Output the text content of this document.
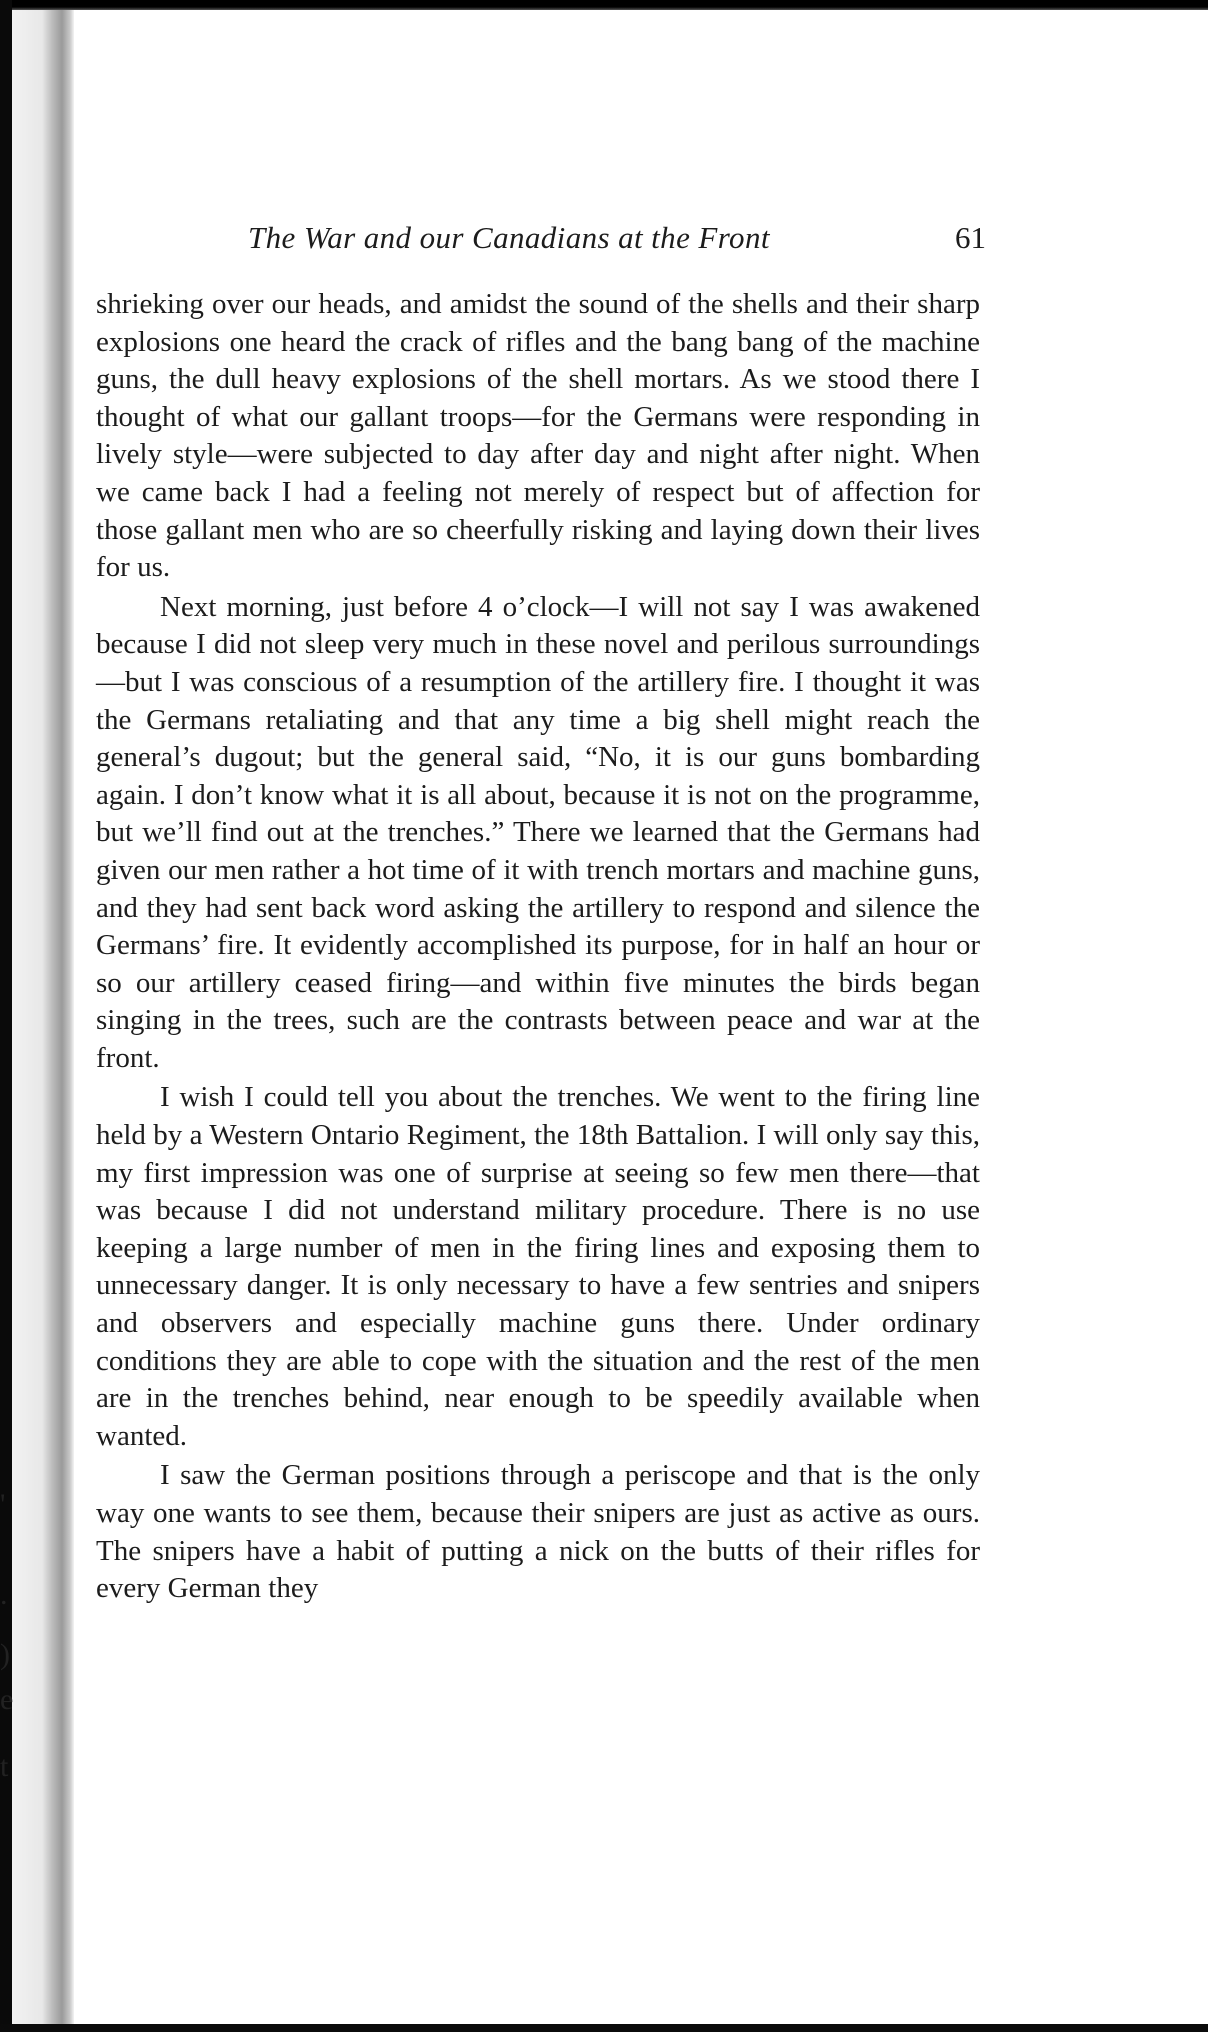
'
.
)
e
t
The War and our Canadians at the Front	61

shrieking over our heads, and amidst the sound of the shells and their sharp explosions one heard the crack of rifles and the bang bang of the machine guns, the dull heavy explosions of the shell mortars. As we stood there I thought of what our gallant troops—for the Germans were responding in lively style—were subjected to day after day and night after night. When we came back I had a feeling not merely of respect but of affection for those gallant men who are so cheerfully risking and laying down their lives for us.

Next morning, just before 4 o’clock—I will not say I was awakened because I did not sleep very much in these novel and perilous surroundings—but I was conscious of a resumption of the artillery fire. I thought it was the Germans retaliating and that any time a big shell might reach the general’s dugout; but the general said, “No, it is our guns bombarding again. I don’t know what it is all about, because it is not on the programme, but we’ll find out at the trenches.” There we learned that the Germans had given our men rather a hot time of it with trench mortars and machine guns, and they had sent back word asking the artillery to respond and silence the Germans’ fire. It evidently accomplished its purpose, for in half an hour or so our artillery ceased firing—and within five minutes the birds began singing in the trees, such are the contrasts between peace and war at the front.

I wish I could tell you about the trenches. We went to the firing line held by a Western Ontario Regiment, the 18th Battalion. I will only say this, my first impression was one of surprise at seeing so few men there—that was because I did not understand military procedure. There is no use keeping a large number of men in the firing lines and exposing them to unnecessary danger. It is only necessary to have a few sentries and snipers and observers and especially machine guns there. Under ordinary conditions they are able to cope with the situation and the rest of the men are in the trenches behind, near enough to be speedily available when wanted.

I saw the German positions through a periscope and that is the only way one wants to see them, because their snipers are just as active as ours. The snipers have a habit of putting a nick on the butts of their rifles for every German they
